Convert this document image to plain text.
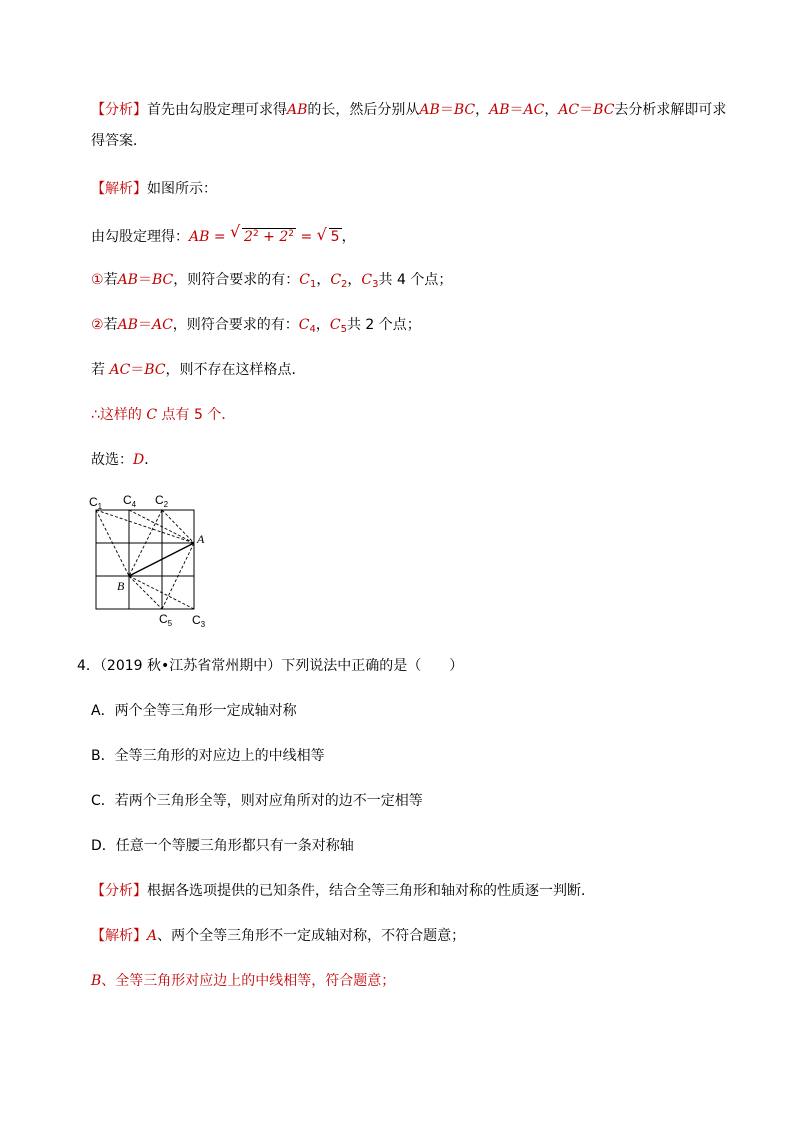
【分析】首先由勾股定理可求得AB的长，然后分别从AB＝BC，AB＝AC，AC＝BC去分析求解即可求
得答案．
【解析】如图所示：
由勾股定理得：AB = √ $2^2 + 2^2$ = √ 5 ，
①若AB＝BC，则符合要求的有：$C_1$，$C_2$，$C_3$共 4 个点；
②若AB＝AC，则符合要求的有：$C_4$，$C_5$共 2 个点；
若 AC＝BC，则不存在这样格点．
∴这样的 C 点有 5 个．
故选：D．
$C_1$ $C_4$ $C_2$
A
B
$C_5$ $C_3$
4．（2019 秋•江苏省常州期中）下列说法中正确的是（　　）
A．两个全等三角形一定成轴对称
B．全等三角形的对应边上的中线相等
C．若两个三角形全等，则对应角所对的边不一定相等
D．任意一个等腰三角形都只有一条对称轴
【分析】根据各选项提供的已知条件，结合全等三角形和轴对称的性质逐一判断．
【解析】A、两个全等三角形不一定成轴对称，不符合题意；
B、全等三角形对应边上的中线相等，符合题意；
